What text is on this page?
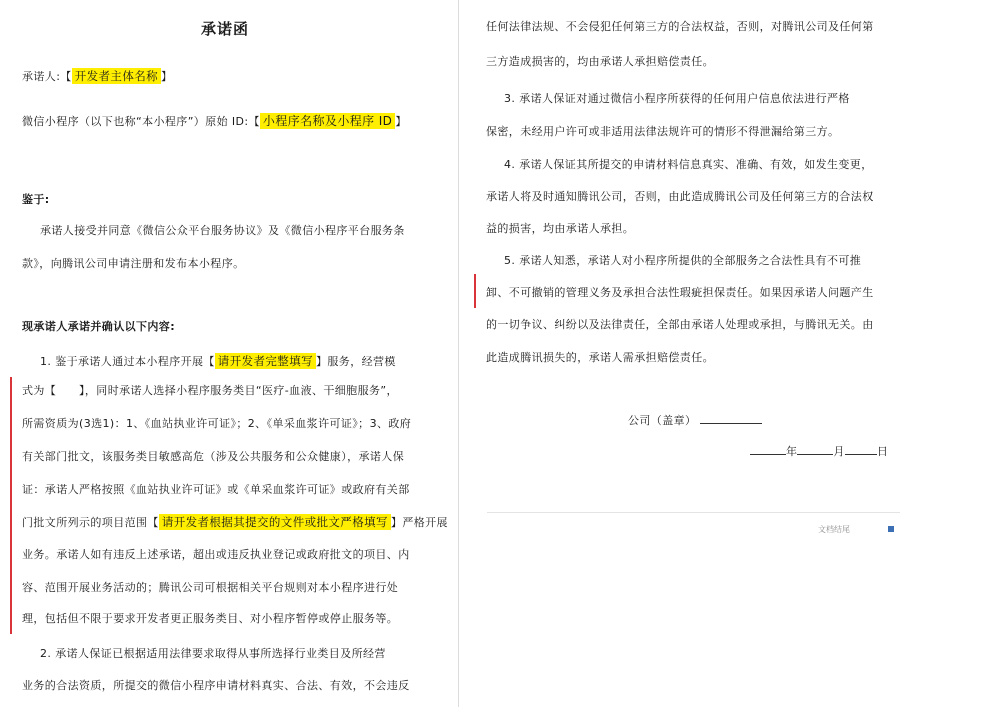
承诺函
承诺人:【 开发者主体名称 】
微信小程序（以下也称“本小程序”）原始 ID:【 小程序名称及小程序 ID 】
鉴于:
承诺人接受并同意《微信公众平台服务协议》及《微信小程序平台服务条
款》，向腾讯公司申请注册和发布本小程序。
现承诺人承诺并确认以下内容:
1. 鉴于承诺人通过本小程序开展【 请开发者完整填写 】服务，经营模
式为【　　】，同时承诺人选择小程序服务类目“医疗-血液、干细胞服务”，
所需资质为(3选1)：1、《血站执业许可证》；2、《单采血浆许可证》；3、政府
有关部门批文，该服务类目敏感高危（涉及公共服务和公众健康），承诺人保
证：承诺人严格按照《血站执业许可证》或《单采血浆许可证》或政府有关部
门批文所列示的项目范围【 请开发者根据其提交的文件或批文严格填写 】严格开展
业务。承诺人如有违反上述承诺，超出或违反执业登记或政府批文的项目、内
容、范围开展业务活动的；腾讯公司可根据相关平台规则对本小程序进行处
理，包括但不限于要求开发者更正服务类目、对小程序暂停或停止服务等。
2. 承诺人保证已根据适用法律要求取得从事所选择行业类目及所经营
业务的合法资质，所提交的微信小程序申请材料真实、合法、有效，不会违反
任何法律法规、不会侵犯任何第三方的合法权益，否则，对腾讯公司及任何第
三方造成损害的，均由承诺人承担赔偿责任。
3. 承诺人保证对通过微信小程序所获得的任何用户信息依法进行严格
保密，未经用户许可或非适用法律法规许可的情形不得泄漏给第三方。
4. 承诺人保证其所提交的申请材料信息真实、准确、有效，如发生变更，
承诺人将及时通知腾讯公司，否则，由此造成腾讯公司及任何第三方的合法权
益的损害，均由承诺人承担。
5. 承诺人知悉，承诺人对小程序所提供的全部服务之合法性具有不可推
卸、不可撤销的管理义务及承担合法性瑕疵担保责任。如果因承诺人问题产生
的一切争议、纠纷以及法律责任，全部由承诺人处理或承担，与腾讯无关。由
此造成腾讯损失的，承诺人需承担赔偿责任。
公司（盖章）
年	月	日
文档结尾
